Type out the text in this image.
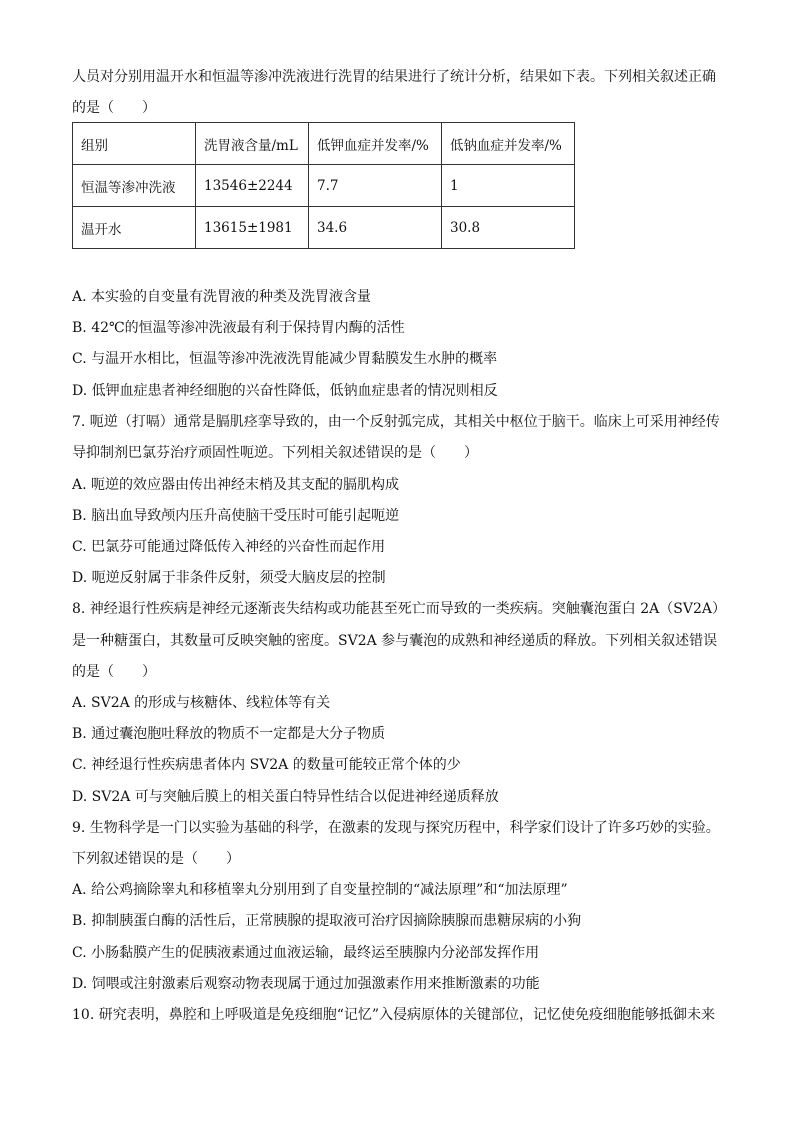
人员对分别用温开水和恒温等渗冲洗液进行洗胃的结果进行了统计分析，结果如下表。下列相关叙述正确
的是（　　）
组别	洗胃液含量/mL	低钾血症并发率/%	低钠血症并发率/%
恒温等渗冲洗液	13546±2244	7.7	1
温开水	13615±1981	34.6	30.8
A. 本实验的自变量有洗胃液的种类及洗胃液含量
B. 42℃的恒温等渗冲洗液最有利于保持胃内酶的活性
C. 与温开水相比，恒温等渗冲洗液洗胃能减少胃黏膜发生水肿的概率
D. 低钾血症患者神经细胞的兴奋性降低，低钠血症患者的情况则相反
7. 呃逆（打嗝）通常是膈肌痉挛导致的，由一个反射弧完成，其相关中枢位于脑干。临床上可采用神经传
导抑制剂巴氯芬治疗顽固性呃逆。下列相关叙述错误的是（　　）
A. 呃逆的效应器由传出神经末梢及其支配的膈肌构成
B. 脑出血导致颅内压升高使脑干受压时可能引起呃逆
C. 巴氯芬可能通过降低传入神经的兴奋性而起作用
D. 呃逆反射属于非条件反射，须受大脑皮层的控制
8. 神经退行性疾病是神经元逐渐丧失结构或功能甚至死亡而导致的一类疾病。突触囊泡蛋白 2A（SV2A）
是一种糖蛋白，其数量可反映突触的密度。SV2A 参与囊泡的成熟和神经递质的释放。下列相关叙述错误
的是（　　）
A. SV2A 的形成与核糖体、线粒体等有关
B. 通过囊泡胞吐释放的物质不一定都是大分子物质
C. 神经退行性疾病患者体内 SV2A 的数量可能较正常个体的少
D. SV2A 可与突触后膜上的相关蛋白特异性结合以促进神经递质释放
9. 生物科学是一门以实验为基础的科学，在激素的发现与探究历程中，科学家们设计了许多巧妙的实验。
下列叙述错误的是（　　）
A. 给公鸡摘除睾丸和移植睾丸分别用到了自变量控制的“减法原理”和“加法原理”
B. 抑制胰蛋白酶的活性后，正常胰腺的提取液可治疗因摘除胰腺而患糖尿病的小狗
C. 小肠黏膜产生的促胰液素通过血液运输，最终运至胰腺内分泌部发挥作用
D. 饲喂或注射激素后观察动物表现属于通过加强激素作用来推断激素的功能
10. 研究表明，鼻腔和上呼吸道是免疫细胞“记忆”入侵病原体的关键部位，记忆使免疫细胞能够抵御未来
